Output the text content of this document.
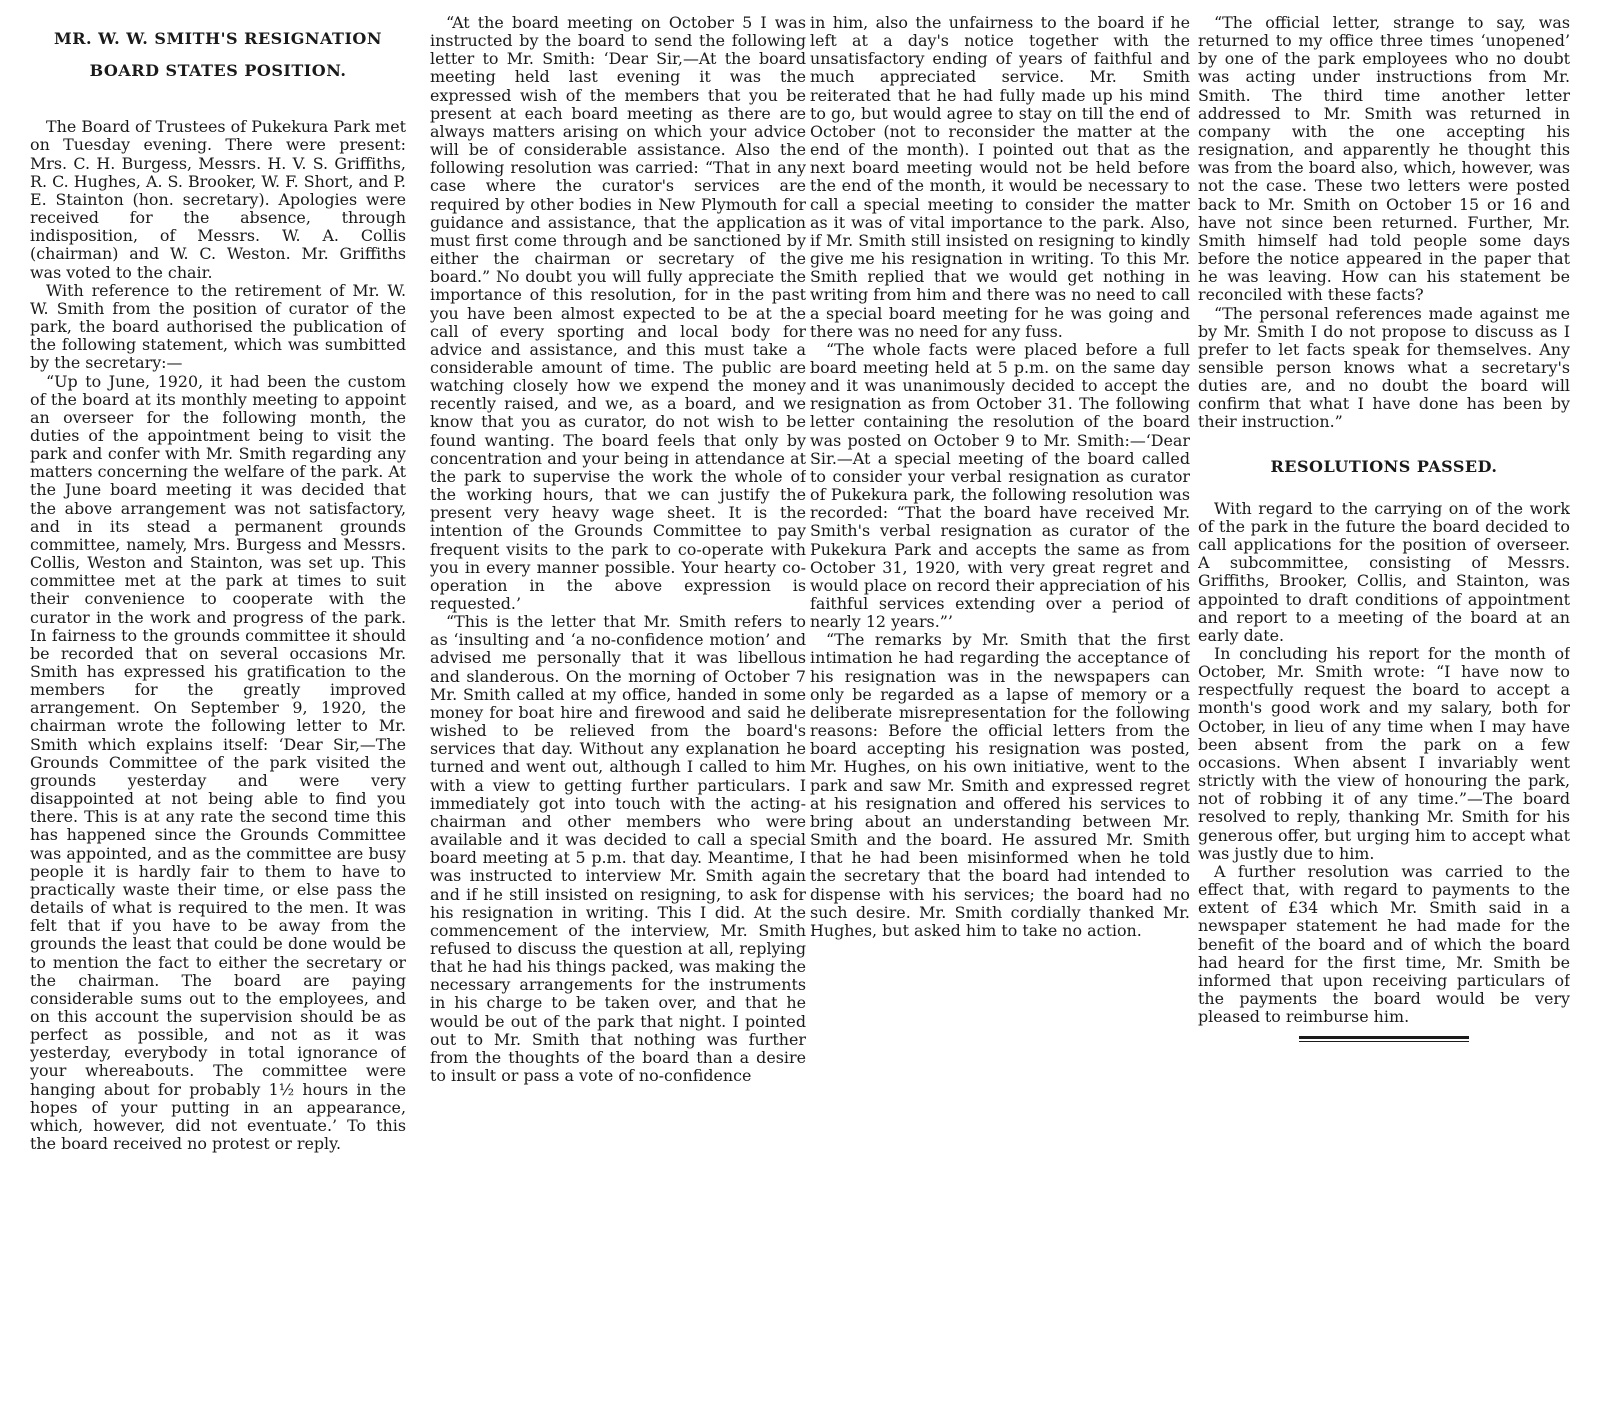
MR. W. W. SMITH'S RESIGNATION
BOARD STATES POSITION.

The Board of Trustees of Pukekura Park met on Tuesday evening. There were present: Mrs. C. H. Burgess, Messrs. H. V. S. Griffiths, R. C. Hughes, A. S. Brooker, W. F. Short, and P. E. Stainton (hon. secretary). Apologies were received for the absence, through indisposition, of Messrs. W. A. Collis (chairman) and W. C. Weston. Mr. Griffiths was voted to the chair.

With reference to the retirement of Mr. W. W. Smith from the position of curator of the park, the board authorised the publication of the following statement, which was sumbitted by the secretary:—

“Up to June, 1920, it had been the custom of the board at its monthly meeting to appoint an overseer for the following month, the duties of the appointment being to visit the park and confer with Mr. Smith regarding any matters concerning the welfare of the park. At the June board meeting it was decided that the above arrangement was not satisfactory, and in its stead a permanent grounds committee, namely, Mrs. Burgess and Messrs. Collis, Weston and Stainton, was set up. This committee met at the park at times to suit their convenience to cooperate with the curator in the work and progress of the park. In fairness to the grounds committee it should be recorded that on several occasions Mr. Smith has expressed his gratification to the members for the greatly improved arrangement. On September 9, 1920, the chairman wrote the following letter to Mr. Smith which explains itself: ‘Dear Sir,—The Grounds Committee of the park visited the grounds yesterday and were very disappointed at not being able to find you there. This is at any rate the second time this has happened since the Grounds Committee was appointed, and as the committee are busy people it is hardly fair to them to have to practically waste their time, or else pass the details of what is required to the men. It was felt that if you have to be away from the grounds the least that could be done would be to mention the fact to either the secretary or the chairman. The board are paying considerable sums out to the employees, and on this account the supervision should be as perfect as possible, and not as it was yesterday, everybody in total ignorance of your whereabouts. The committee were hanging about for probably 1½ hours in the hopes of your putting in an appearance, which, however, did not eventuate.’ To this the board received no protest or reply.

“At the board meeting on October 5 I was instructed by the board to send the following letter to Mr. Smith: ‘Dear Sir,—At the board meeting held last evening it was the expressed wish of the members that you be present at each board meeting as there are always matters arising on which your advice will be of considerable assistance. Also the following resolution was carried: “That in any case where the curator's services are required by other bodies in New Plymouth for guidance and assistance, that the application must first come through and be sanctioned by either the chairman or secretary of the board.” No doubt you will fully appreciate the importance of this resolution, for in the past you have been almost expected to be at the call of every sporting and local body for advice and assistance, and this must take a considerable amount of time. The public are watching closely how we expend the money recently raised, and we, as a board, and we know that you as curator, do not wish to be found wanting. The board feels that only by concentration and your being in attendance at the park to supervise the work the whole of the working hours, that we can justify the present very heavy wage sheet. It is the intention of the Grounds Committee to pay frequent visits to the park to co-operate with you in every manner possible. Your hearty co-operation in the above expression is requested.’

“This is the letter that Mr. Smith refers to as ‘insulting and ‘a no-confidence motion’ and advised me personally that it was libellous and slanderous. On the morning of October 7 Mr. Smith called at my office, handed in some money for boat hire and firewood and said he wished to be relieved from the board's services that day. Without any explanation he turned and went out, although I called to him with a view to getting further particulars. I immediately got into touch with the acting-chairman and other members who were available and it was decided to call a special board meeting at 5 p.m. that day. Meantime, I was instructed to interview Mr. Smith again and if he still insisted on resigning, to ask for his resignation in writing. This I did. At the commencement of the interview, Mr. Smith refused to discuss the question at all, replying that he had his things packed, was making the necessary arrangements for the instruments in his charge to be taken over, and that he would be out of the park that night. I pointed out to Mr. Smith that nothing was further from the thoughts of the board than a desire to insult or pass a vote of no-confidence

in him, also the unfairness to the board if he left at a day's notice together with the unsatisfactory ending of years of faithful and much appreciated service. Mr. Smith reiterated that he had fully made up his mind to go, but would agree to stay on till the end of October (not to reconsider the matter at the end of the month). I pointed out that as the next board meeting would not be held before the end of the month, it would be necessary to call a special meeting to consider the matter as it was of vital importance to the park. Also, if Mr. Smith still insisted on resigning to kindly give me his resignation in writing. To this Mr. Smith replied that we would get nothing in writing from him and there was no need to call a special board meeting for he was going and there was no need for any fuss.

“The whole facts were placed before a full board meeting held at 5 p.m. on the same day and it was unanimously decided to accept the resignation as from October 31. The following letter containing the resolution of the board was posted on October 9 to Mr. Smith:—‘Dear Sir.—At a special meeting of the board called to consider your verbal resignation as curator of Pukekura park, the following resolution was recorded: “That the board have received Mr. Smith's verbal resignation as curator of the Pukekura Park and accepts the same as from October 31, 1920, with very great regret and would place on record their appreciation of his faithful services extending over a period of nearly 12 years.”’

“The remarks by Mr. Smith that the first intimation he had regarding the acceptance of his resignation was in the newspapers can only be regarded as a lapse of memory or a deliberate misrepresentation for the following reasons: Before the official letters from the board accepting his resignation was posted, Mr. Hughes, on his own initiative, went to the park and saw Mr. Smith and expressed regret at his resignation and offered his services to bring about an understanding between Mr. Smith and the board. He assured Mr. Smith that he had been misinformed when he told the secretary that the board had intended to dispense with his services; the board had no such desire. Mr. Smith cordially thanked Mr. Hughes, but asked him to take no action.

“The official letter, strange to say, was returned to my office three times ‘unopened’ by one of the park employees who no doubt was acting under instructions from Mr. Smith. The third time another letter addressed to Mr. Smith was returned in company with the one accepting his resignation, and apparently he thought this was from the board also, which, however, was not the case. These two letters were posted back to Mr. Smith on October 15 or 16 and have not since been returned. Further, Mr. Smith himself had told people some days before the notice appeared in the paper that he was leaving. How can his statement be reconciled with these facts?

“The personal references made against me by Mr. Smith I do not propose to discuss as I prefer to let facts speak for themselves. Any sensible person knows what a secretary's duties are, and no doubt the board will confirm that what I have done has been by their instruction.”

RESOLUTIONS PASSED.

With regard to the carrying on of the work of the park in the future the board decided to call applications for the position of overseer. A subcommittee, consisting of Messrs. Griffiths, Brooker, Collis, and Stainton, was appointed to draft conditions of appointment and report to a meeting of the board at an early date.

In concluding his report for the month of October, Mr. Smith wrote: “I have now to respectfully request the board to accept a month's good work and my salary, both for October, in lieu of any time when I may have been absent from the park on a few occasions. When absent I invariably went strictly with the view of honouring the park, not of robbing it of any time.”—The board resolved to reply, thanking Mr. Smith for his generous offer, but urging him to accept what was justly due to him.

A further resolution was carried to the effect that, with regard to payments to the extent of £34 which Mr. Smith said in a newspaper statement he had made for the benefit of the board and of which the board had heard for the first time, Mr. Smith be informed that upon receiving particulars of the payments the board would be very pleased to reimburse him.
